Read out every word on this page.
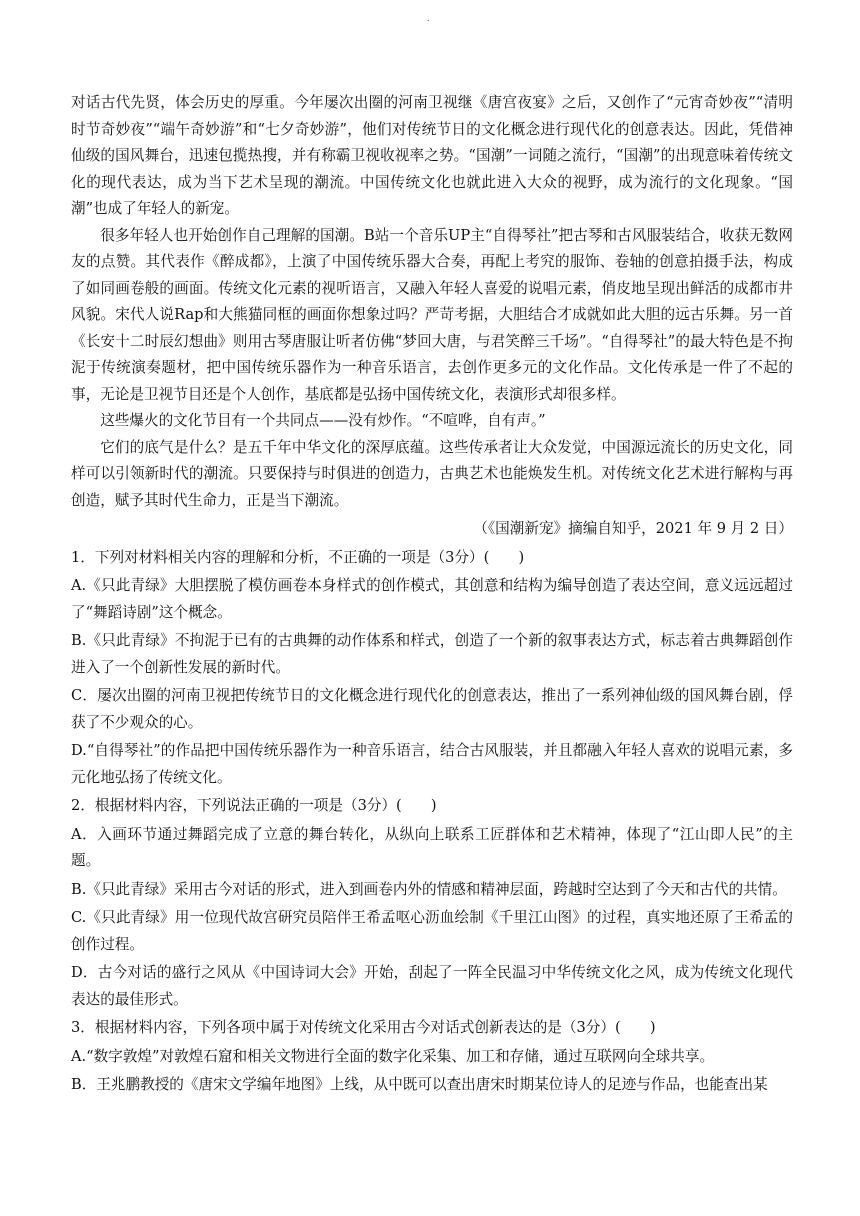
.

对话古代先贤，体会历史的厚重。今年屡次出圈的河南卫视继《唐宫夜宴》之后，又创作了“元宵奇妙夜”“清明时节奇妙夜”“端午奇妙游”和“七夕奇妙游”，他们对传统节日的文化概念进行现代化的创意表达。因此，凭借神仙级的国风舞台，迅速包揽热搜，并有称霸卫视收视率之势。“国潮”一词随之流行，“国潮”的出现意味着传统文化的现代表达，成为当下艺术呈现的潮流。中国传统文化也就此进入大众的视野，成为流行的文化现象。“国潮”也成了年轻人的新宠。

很多年轻人也开始创作自己理解的国潮。B站一个音乐UP主“自得琴社”把古琴和古风服装结合，收获无数网友的点赞。其代表作《醉成都》，上演了中国传统乐器大合奏，再配上考究的服饰、卷轴的创意拍摄手法，构成了如同画卷般的画面。传统文化元素的视听语言，又融入年轻人喜爱的说唱元素，俏皮地呈现出鲜活的成都市井风貌。宋代人说Rap和大熊猫同框的画面你想象过吗？严苛考据，大胆结合才成就如此大胆的远古乐舞。另一首《长安十二时辰幻想曲》则用古琴唐服让听者仿佛“梦回大唐，与君笑醉三千场”。“自得琴社”的最大特色是不拘泥于传统演奏题材，把中国传统乐器作为一种音乐语言，去创作更多元的文化作品。文化传承是一件了不起的事，无论是卫视节目还是个人创作，基底都是弘扬中国传统文化，表演形式却很多样。

这些爆火的文化节目有一个共同点——没有炒作。“不喧哗，自有声。”

它们的底气是什么？是五千年中华文化的深厚底蕴。这些传承者让大众发觉，中国源远流长的历史文化，同样可以引领新时代的潮流。只要保持与时俱进的创造力，古典艺术也能焕发生机。对传统文化艺术进行解构与再创造，赋予其时代生命力，正是当下潮流。

（《国潮新宠》摘编自知乎，2021 年 9 月 2 日）

1．下列对材料相关内容的理解和分析，不正确的一项是（3分）(　　)

A.《只此青绿》大胆摆脱了模仿画卷本身样式的创作模式，其创意和结构为编导创造了表达空间，意义远远超过了“舞蹈诗剧”这个概念。

B.《只此青绿》不拘泥于已有的古典舞的动作体系和样式，创造了一个新的叙事表达方式，标志着古典舞蹈创作进入了一个创新性发展的新时代。

C．屡次出圈的河南卫视把传统节日的文化概念进行现代化的创意表达，推出了一系列神仙级的国风舞台剧，俘获了不少观众的心。

D.“自得琴社”的作品把中国传统乐器作为一种音乐语言，结合古风服装，并且都融入年轻人喜欢的说唱元素，多元化地弘扬了传统文化。

2．根据材料内容，下列说法正确的一项是（3分）(　　)

A．入画环节通过舞蹈完成了立意的舞台转化，从纵向上联系工匠群体和艺术精神，体现了“江山即人民”的主题。

B.《只此青绿》采用古今对话的形式，进入到画卷内外的情感和精神层面，跨越时空达到了今天和古代的共情。

C.《只此青绿》用一位现代故宫研究员陪伴王希孟呕心沥血绘制《千里江山图》的过程，真实地还原了王希孟的创作过程。

D．古今对话的盛行之风从《中国诗词大会》开始，刮起了一阵全民温习中华传统文化之风，成为传统文化现代表达的最佳形式。

3．根据材料内容，下列各项中属于对传统文化采用古今对话式创新表达的是（3分）(　　)

A.“数字敦煌”对敦煌石窟和相关文物进行全面的数字化采集、加工和存储，通过互联网向全球共享。

B．王兆鹏教授的《唐宋文学编年地图》上线，从中既可以查出唐宋时期某位诗人的足迹与作品，也能查出某
